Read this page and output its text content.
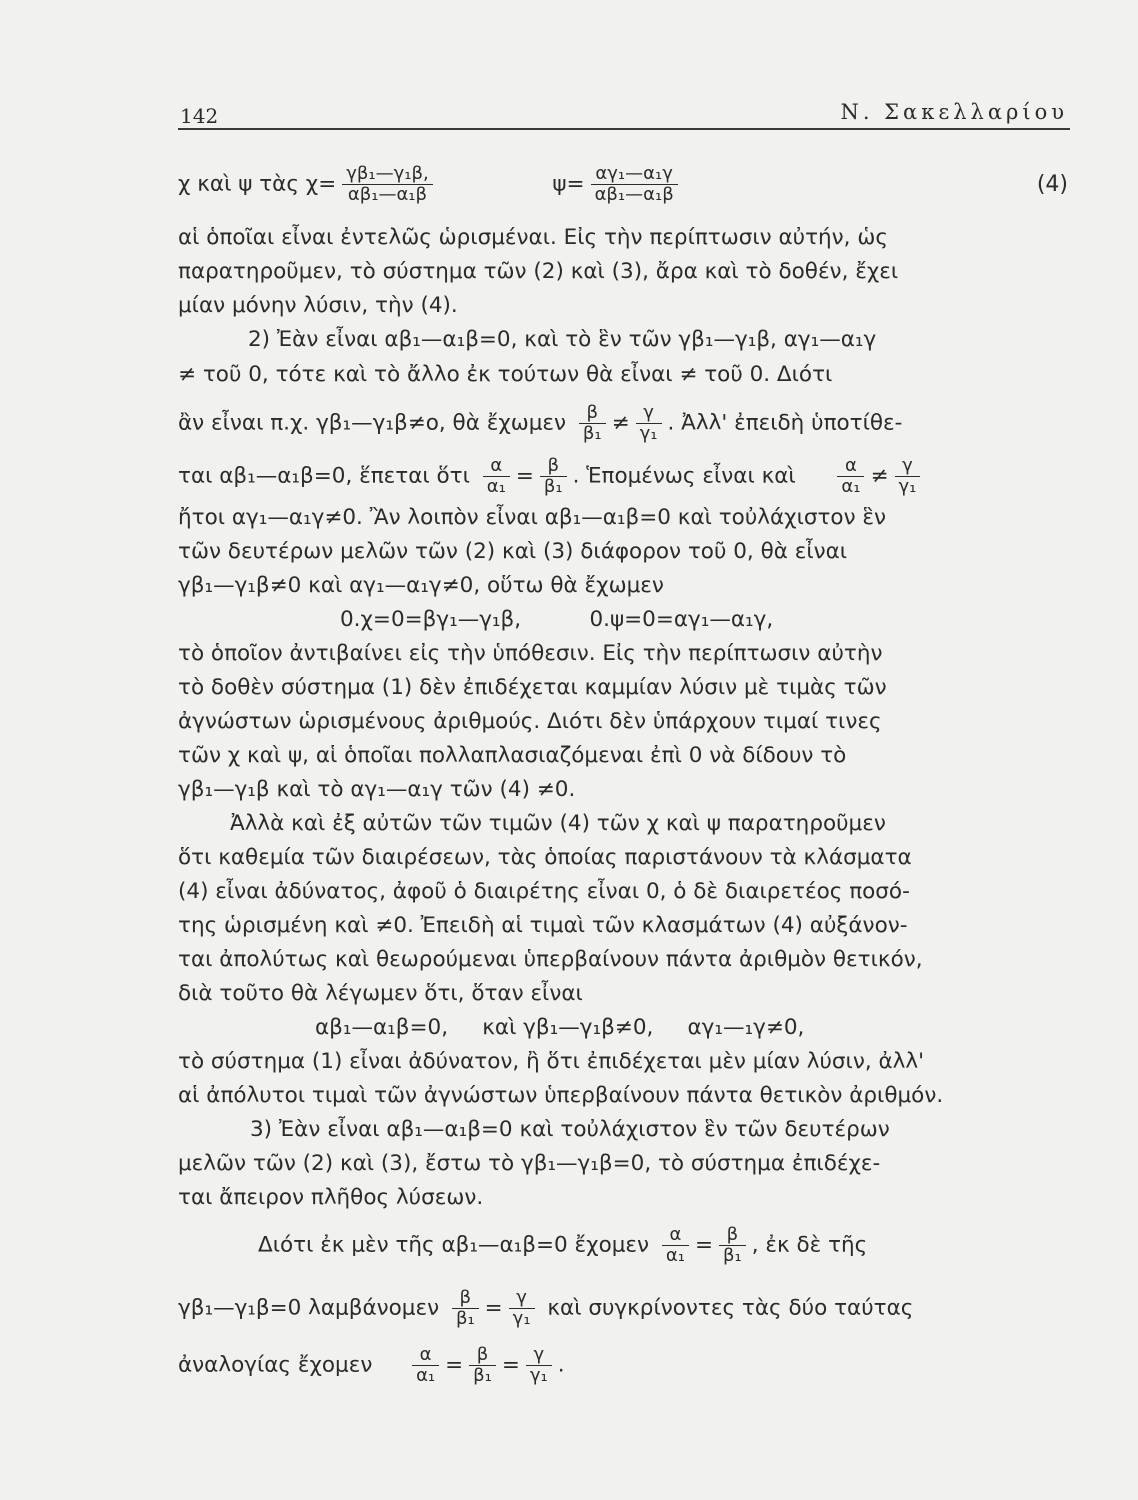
142	Ν. Σακελλαρίου
χ καὶ ψ τὰς $\chi= \frac{\text{γβ₁—γ₁β,}}{\text{αβ₁—α₁β}}$	$\psi= \frac{\text{αγ₁—α₁γ}}{\text{αβ₁—α₁β}}$	(4)
αἱ ὁποῖαι εἶναι ἐντελῶς ὡρισμέναι. Εἰς τὴν περίπτωσιν αὐτήν, ὡς
παρατηροῦμεν, τὸ σύστημα τῶν (2) καὶ (3), ἄρα καὶ τὸ δοθέν, ἔχει
μίαν μόνην λύσιν, τὴν (4).
2) Ἐὰν εἶναι αβ₁—α₁β=0, καὶ τὸ ἓν τῶν γβ₁—γ₁β, αγ₁—α₁γ
≠ τοῦ 0, τότε καὶ τὸ ἄλλο ἐκ τούτων θὰ εἶναι ≠ τοῦ 0. Διότι
ἂν εἶναι π.χ. γβ₁—γ₁β≠ο, θὰ ἔχωμεν $\frac{\beta}{\text{β₁}} \ne \frac{\gamma}{\text{γ₁}}$ . Ἀλλ' ἐπειδὴ ὑποτίθε-
ται αβ₁—α₁β=0, ἕπεται ὅτι $\frac{\alpha}{\text{α₁}} = \frac{\beta}{\text{β₁}}$ . Ἑπομένως εἶναι καὶ $\frac{\alpha}{\text{α₁}} \ne \frac{\gamma}{\text{γ₁}}$
ἤτοι αγ₁—α₁γ≠0. Ἂν λοιπὸν εἶναι αβ₁—α₁β=0 καὶ τοὐλάχιστον ἓν
τῶν δευτέρων μελῶν τῶν (2) καὶ (3) διάφορον τοῦ 0, θὰ εἶναι
γβ₁—γ₁β≠0 καὶ αγ₁—α₁γ≠0, οὕτω θὰ ἔχωμεν
0.χ=0=βγ₁—γ₁β,          0.ψ=0=αγ₁—α₁γ,
τὸ ὁποῖον ἀντιβαίνει εἰς τὴν ὑπόθεσιν. Εἰς τὴν περίπτωσιν αὐτὴν
τὸ δοθὲν σύστημα (1) δὲν ἐπιδέχεται καμμίαν λύσιν μὲ τιμὰς τῶν
ἀγνώστων ὡρισμένους ἀριθμούς. Διότι δὲν ὑπάρχουν τιμαί τινες
τῶν χ καὶ ψ, αἱ ὁποῖαι πολλαπλασιαζόμεναι ἐπὶ 0 νὰ δίδουν τὸ
γβ₁—γ₁β καὶ τὸ αγ₁—α₁γ τῶν (4) ≠0.
Ἀλλὰ καὶ ἐξ αὐτῶν τῶν τιμῶν (4) τῶν χ καὶ ψ παρατηροῦμεν
ὅτι καθεμία τῶν διαιρέσεων, τὰς ὁποίας παριστάνουν τὰ κλάσματα
(4) εἶναι ἀδύνατος, ἀφοῦ ὁ διαιρέτης εἶναι 0, ὁ δὲ διαιρετέος ποσό-
της ὡρισμένη καὶ ≠0. Ἐπειδὴ αἱ τιμαὶ τῶν κλασμάτων (4) αὐξάνον-
ται ἀπολύτως καὶ θεωρούμεναι ὑπερβαίνουν πάντα ἀριθμὸν θετικόν,
διὰ τοῦτο θὰ λέγωμεν ὅτι, ὅταν εἶναι
αβ₁—α₁β=0,     καὶ γβ₁—γ₁β≠0,     αγ₁—₁γ≠0,
τὸ σύστημα (1) εἶναι ἀδύνατον, ἢ ὅτι ἐπιδέχεται μὲν μίαν λύσιν, ἀλλ'
αἱ ἀπόλυτοι τιμαὶ τῶν ἀγνώστων ὑπερβαίνουν πάντα θετικὸν ἀριθμόν.
3) Ἐὰν εἶναι αβ₁—α₁β=0 καὶ τοὐλάχιστον ἓν τῶν δευτέρων
μελῶν τῶν (2) καὶ (3), ἔστω τὸ γβ₁—γ₁β=0, τὸ σύστημα ἐπιδέχε-
ται ἄπειρον πλῆθος λύσεων.
Διότι ἐκ μὲν τῆς αβ₁—α₁β=0 ἔχομεν $\frac{\alpha}{\text{α₁}} = \frac{\beta}{\text{β₁}}$ , ἐκ δὲ τῆς
γβ₁—γ₁β=0 λαμβάνομεν $\frac{\beta}{\text{β₁}} = \frac{\gamma}{\text{γ₁}}$ καὶ συγκρίνοντες τὰς δύο ταύτας
ἀναλογίας ἔχομεν $\frac{\alpha}{\text{α₁}} = \frac{\beta}{\text{β₁}} = \frac{\gamma}{\text{γ₁}}$ .
